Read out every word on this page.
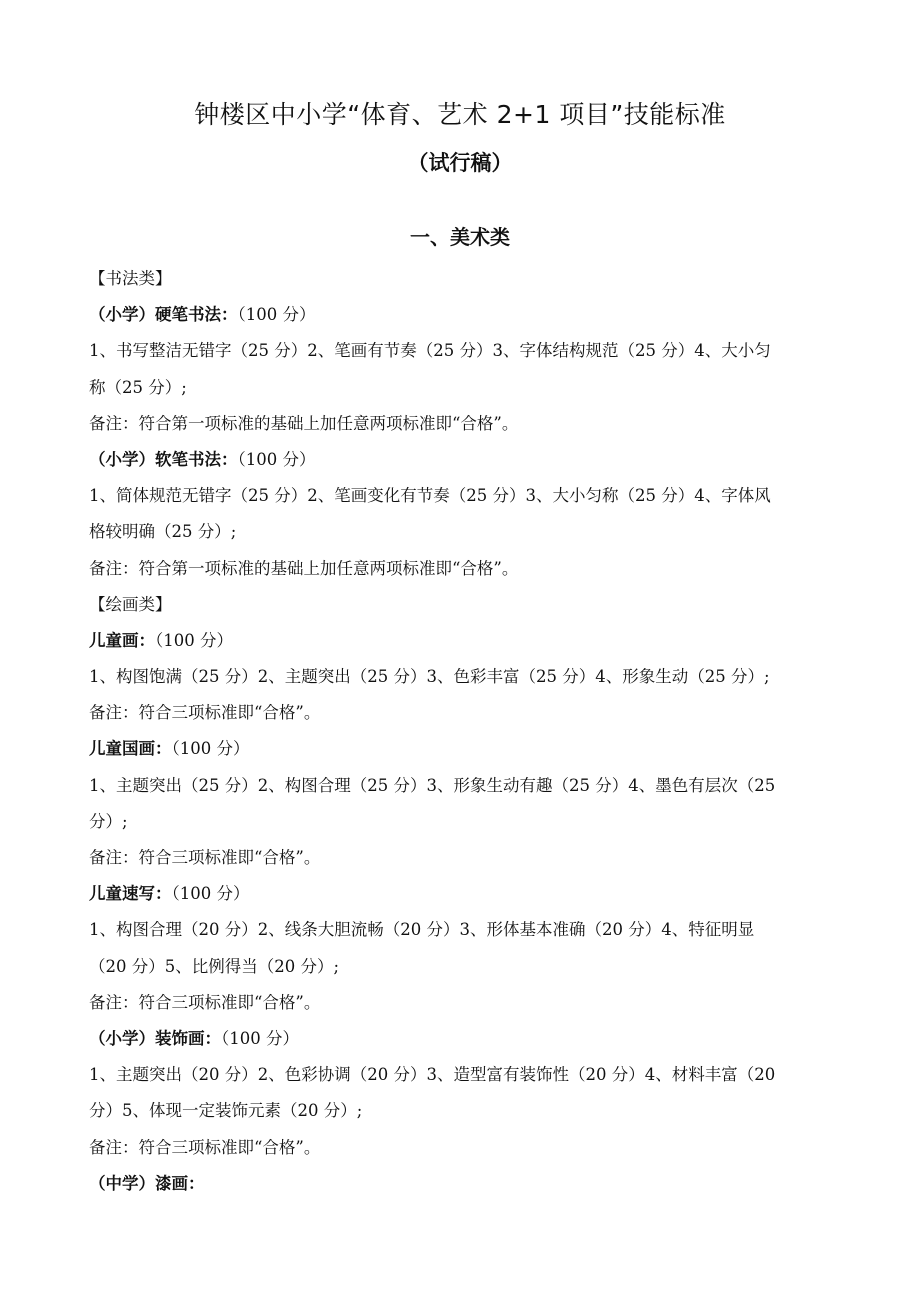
钟楼区中小学“体育、艺术 2+1 项目”技能标准
（试行稿）
一、美术类
【书法类】
（小学）硬笔书法：（100 分）
1、书写整洁无错字（25 分）2、笔画有节奏（25 分）3、字体结构规范（25 分）4、大小匀
称（25 分）;
备注：符合第一项标准的基础上加任意两项标准即“合格”。
（小学）软笔书法：（100 分）
1、简体规范无错字（25 分）2、笔画变化有节奏（25 分）3、大小匀称（25 分）4、字体风
格较明确（25 分）;
备注：符合第一项标准的基础上加任意两项标准即“合格”。
【绘画类】
儿童画：（100 分）
1、构图饱满（25 分）2、主题突出（25 分）3、色彩丰富（25 分）4、形象生动（25 分）;
备注：符合三项标准即“合格”。
儿童国画：（100 分）
1、主题突出（25 分）2、构图合理（25 分）3、形象生动有趣（25 分）4、墨色有层次（25
分）;
备注：符合三项标准即“合格”。
儿童速写：（100 分）
1、构图合理（20 分）2、线条大胆流畅（20 分）3、形体基本准确（20 分）4、特征明显
（20 分）5、比例得当（20 分）;
备注：符合三项标准即“合格”。
（小学）装饰画：（100 分）
1、主题突出（20 分）2、色彩协调（20 分）3、造型富有装饰性（20 分）4、材料丰富（20
分）5、体现一定装饰元素（20 分）;
备注：符合三项标准即“合格”。
（中学）漆画：
